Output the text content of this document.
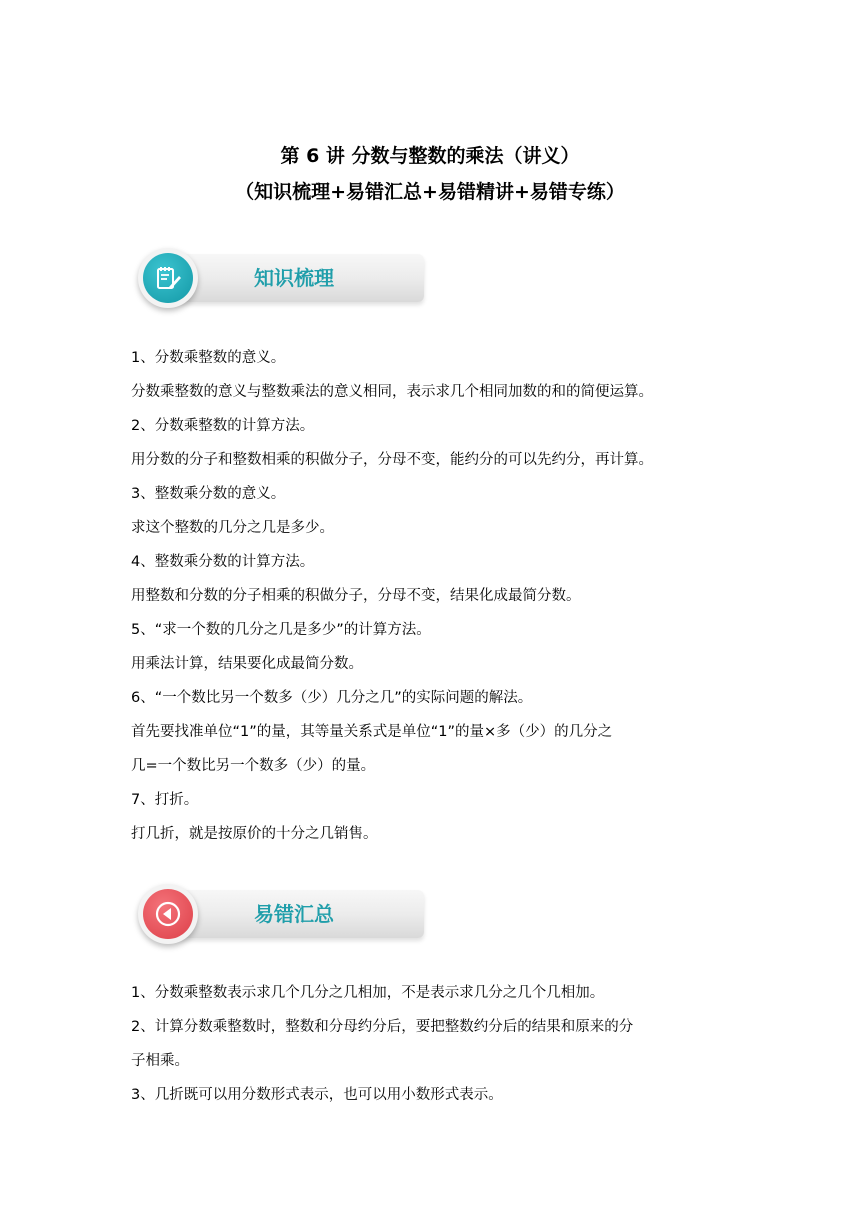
第 6 讲 分数与整数的乘法（讲义）
（知识梳理+易错汇总+易错精讲+易错专练）
知识梳理

1、分数乘整数的意义。

分数乘整数的意义与整数乘法的意义相同，表示求几个相同加数的和的简便运算。

2、分数乘整数的计算方法。

用分数的分子和整数相乘的积做分子，分母不变，能约分的可以先约分，再计算。

3、整数乘分数的意义。

求这个整数的几分之几是多少。

4、整数乘分数的计算方法。

用整数和分数的分子相乘的积做分子，分母不变，结果化成最简分数。

5、“求一个数的几分之几是多少”的计算方法。

用乘法计算，结果要化成最简分数。

6、“一个数比另一个数多（少）几分之几”的实际问题的解法。

首先要找准单位“1”的量，其等量关系式是单位“1”的量×多（少）的几分之

几=一个数比另一个数多（少）的量。

7、打折。

打几折，就是按原价的十分之几销售。

易错汇总

1、分数乘整数表示求几个几分之几相加，不是表示求几分之几个几相加。

2、计算分数乘整数时，整数和分母约分后，要把整数约分后的结果和原来的分

子相乘。

3、几折既可以用分数形式表示，也可以用小数形式表示。
